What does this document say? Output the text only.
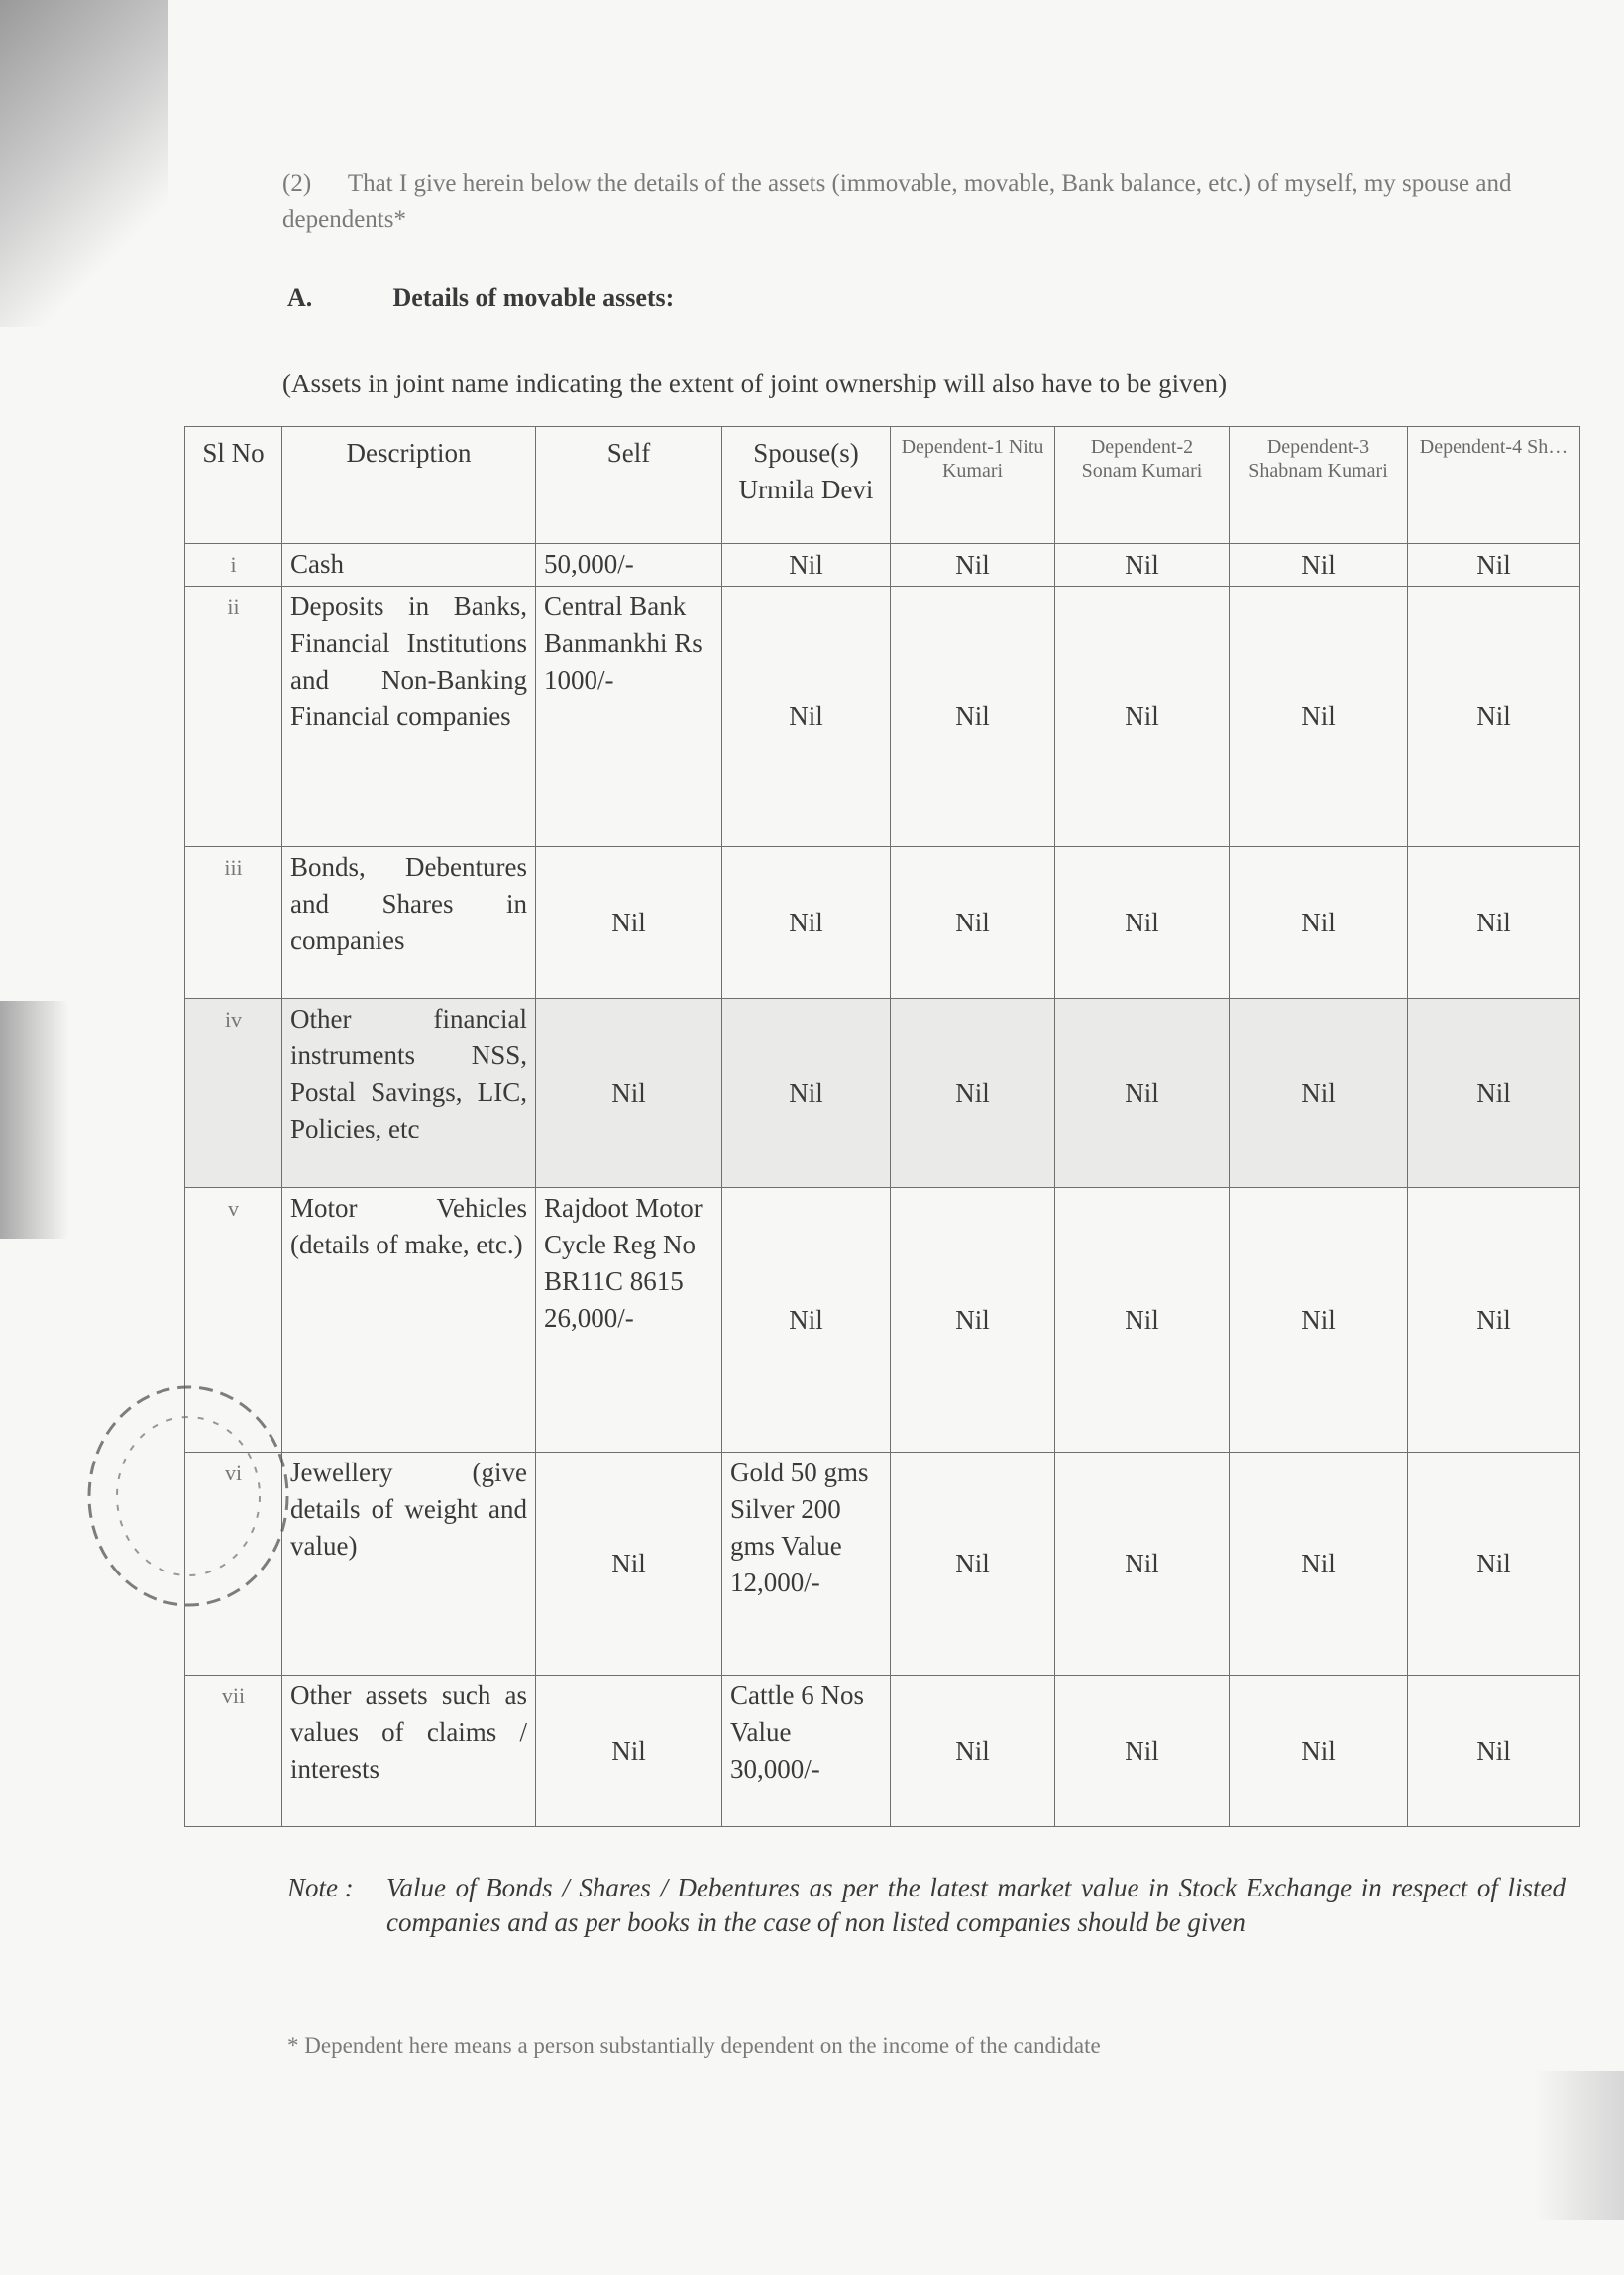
(2) That I give herein below the details of the assets (immovable, movable, Bank balance, etc.) of myself, my spouse and dependents*
A.	Details of movable assets:
(Assets in joint name indicating the extent of joint ownership will also have to be given)
Sl No	Description	Self	Spouse(s) Urmila Devi	Dependent-1 Nitu Kumari	Dependent-2 Sonam Kumari	Dependent-3 Shabnam Kumari	Dependent-4 Sh…
i	Cash	50,000/-	Nil	Nil	Nil	Nil	Nil
ii	Deposits in Banks, Financial Institutions and Non-Banking Financial companies	Central Bank Banmankhi Rs 1000/-	Nil	Nil	Nil	Nil	Nil
iii	Bonds, Debentures and Shares in companies	Nil	Nil	Nil	Nil	Nil	Nil
iv	Other financial instruments NSS, Postal Savings, LIC, Policies, etc	Nil	Nil	Nil	Nil	Nil	Nil
v	Motor Vehicles (details of make, etc.)	Rajdoot Motor Cycle Reg No BR11C 8615 26,000/-	Nil	Nil	Nil	Nil	Nil
vi	Jewellery (give details of weight and value)	Nil	Gold 50 gms Silver 200 gms Value 12,000/-	Nil	Nil	Nil	Nil
vii	Other assets such as values of claims / interests	Nil	Cattle 6 Nos Value 30,000/-	Nil	Nil	Nil	Nil
Note :	Value of Bonds / Shares / Debentures as per the latest market value in Stock Exchange in respect of listed companies and as per books in the case of non listed companies should be given
* Dependent here means a person substantially dependent on the income of the candidate
